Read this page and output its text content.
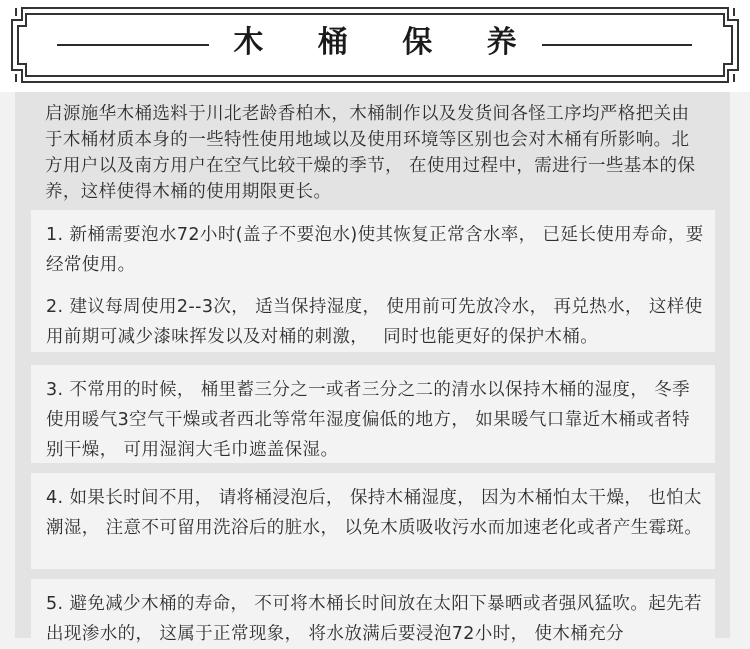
木 桶 保 养
启源施华木桶选料于川北老龄香柏木，木桶制作以及发货间各怪工序均严格把关由于木桶材质本身的一些特性使用地域以及使用环境等区别也会对木桶有所影响。北方用户以及南方用户在空气比较干燥的季节， 在使用过程中，需进行一些基本的保养，这样使得木桶的使用期限更长。

1. 新桶需要泡水72小时(盖子不要泡水)使其恢复正常含水率， 已延长使用寿命，要经常使用。

2. 建议每周使用2--3次， 适当保持湿度， 使用前可先放冷水， 再兑热水， 这样使用前期可减少漆味挥发以及对桶的刺激，　 同时也能更好的保护木桶。

3. 不常用的时候， 桶里蓄三分之一或者三分之二的清水以保持木桶的湿度， 冬季使用暖气3空气干燥或者西北等常年湿度偏低的地方， 如果暖气口靠近木桶或者特别干燥， 可用湿润大毛巾遮盖保湿。

4. 如果长时间不用， 请将桶浸泡后， 保持木桶湿度， 因为木桶怕太干燥， 也怕太潮湿， 注意不可留用洗浴后的脏水， 以免木质吸收污水而加速老化或者产生霉斑。

5. 避免减少木桶的寿命， 不可将木桶长时间放在太阳下暴晒或者强风猛吹。起先若出现渗水的， 这属于正常现象， 将水放满后要浸泡72小时， 使木桶充分
